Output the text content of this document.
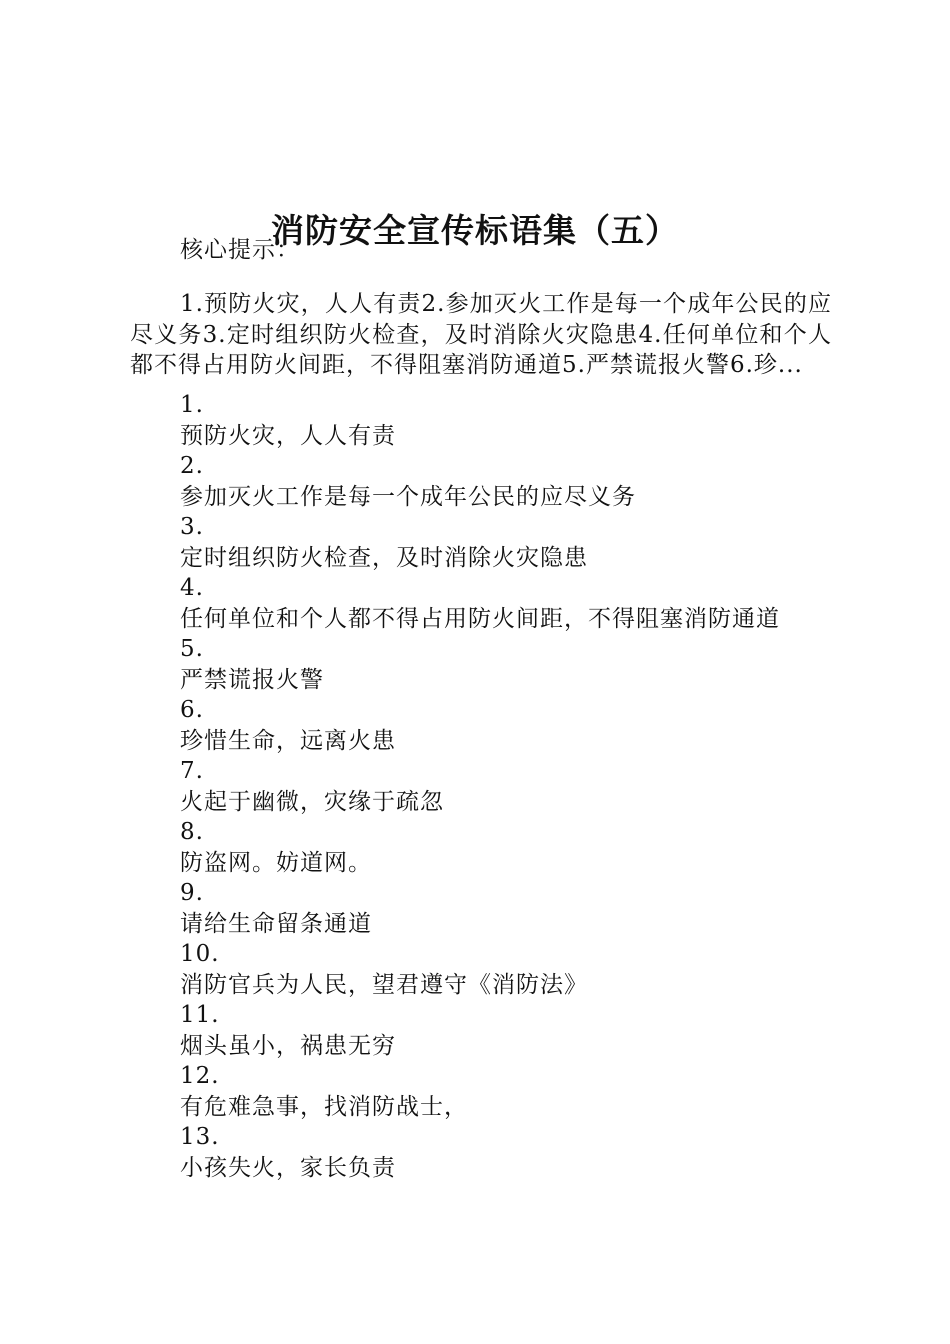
消防安全宣传标语集（五）
核心提示：

1.预防火灾，人人有责2.参加灭火工作是每一个成年公民的应尽义务3.定时组织防火检查，及时消除火灾隐患4.任何单位和个人都不得占用防火间距，不得阻塞消防通道5.严禁谎报火警6.珍...

1.
预防火灾，人人有责
2.
参加灭火工作是每一个成年公民的应尽义务
3.
定时组织防火检查，及时消除火灾隐患
4.
任何单位和个人都不得占用防火间距，不得阻塞消防通道
5.
严禁谎报火警
6.
珍惜生命，远离火患
7.
火起于幽微，灾缘于疏忽
8.
防盗网。妨道网。
9.
请给生命留条通道
10.
消防官兵为人民，望君遵守《消防法》
11.
烟头虽小，祸患无穷
12.
有危难急事，找消防战士，
13.
小孩失火，家长负责
